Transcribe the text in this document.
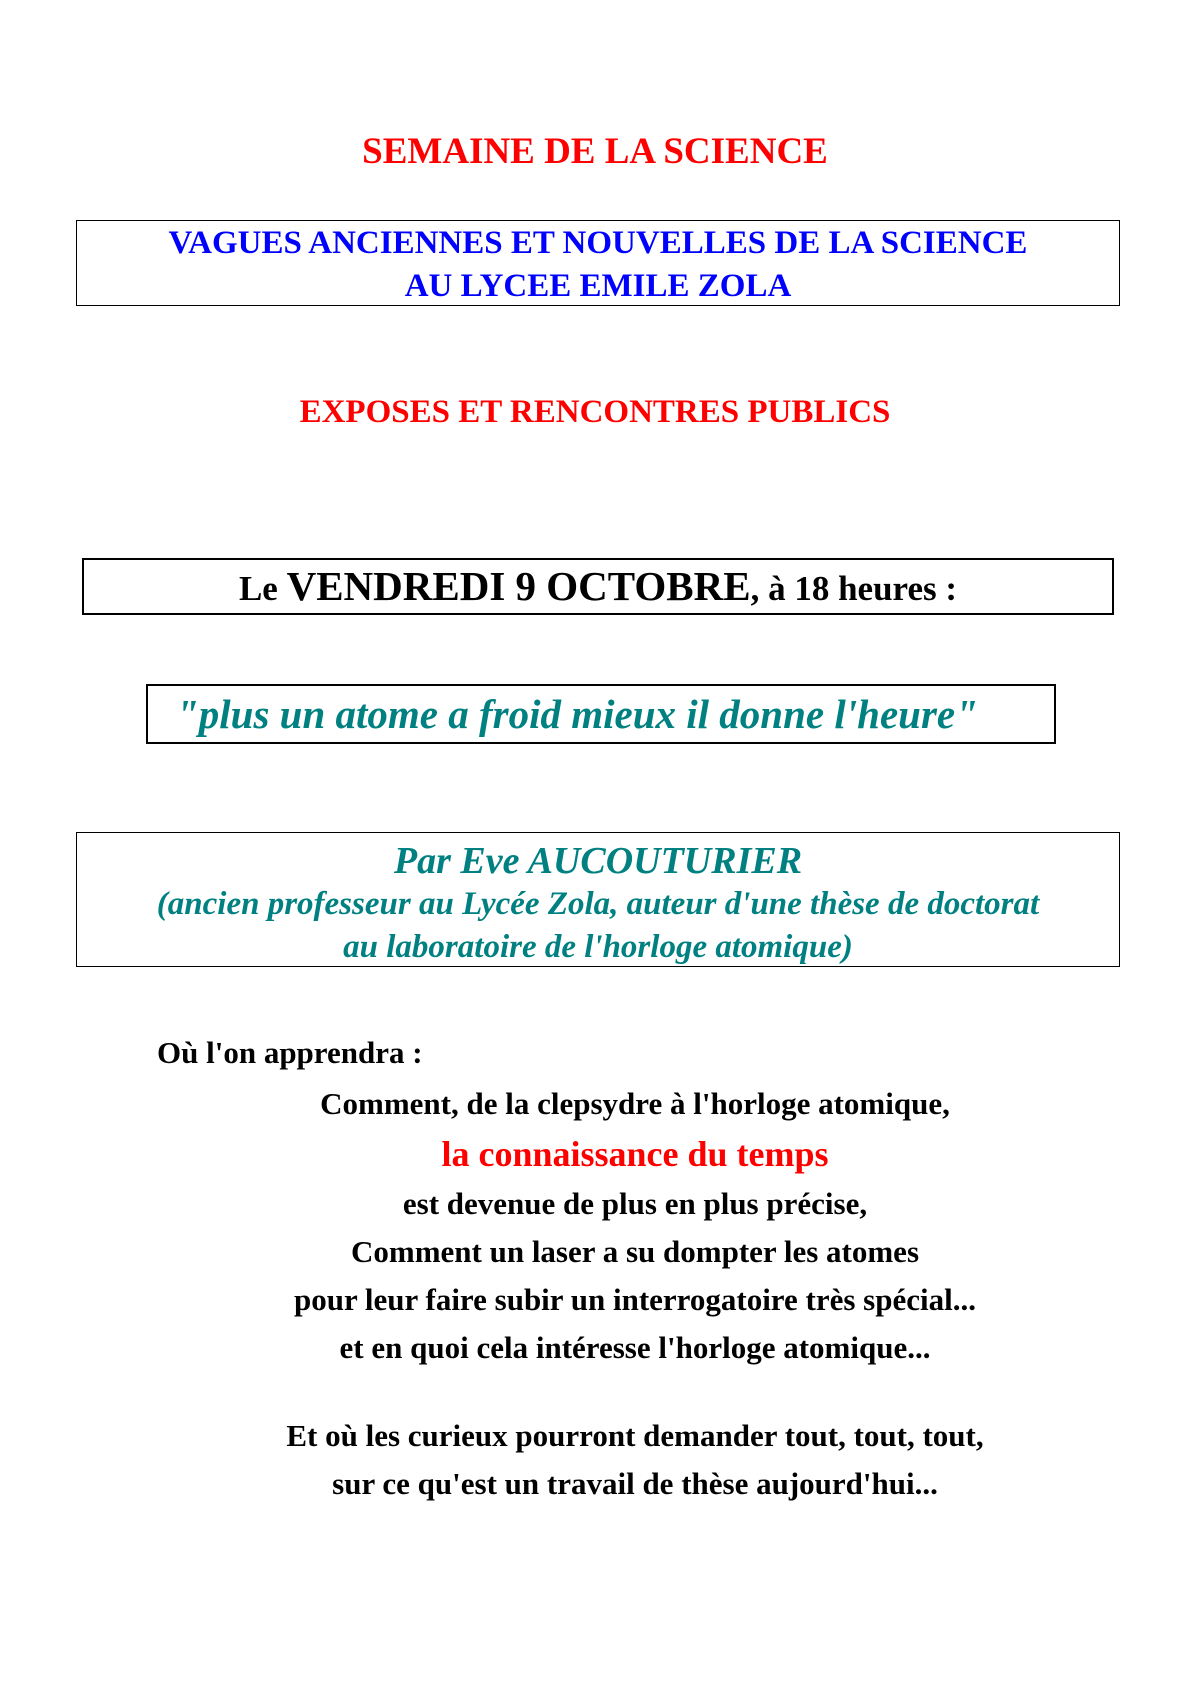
SEMAINE DE LA SCIENCE
VAGUES ANCIENNES ET NOUVELLES DE LA SCIENCE
AU LYCEE EMILE ZOLA
EXPOSES ET RENCONTRES PUBLICS
Le VENDREDI 9 OCTOBRE, à 18 heures :
"plus un atome a froid mieux il donne l'heure"
Par Eve AUCOUTURIER
(ancien professeur au Lycée Zola, auteur d'une thèse de doctorat
au laboratoire de l'horloge atomique)
Où l'on apprendra :
Comment, de la clepsydre à l'horloge atomique,
la connaissance du temps
est devenue de plus en plus précise,
Comment un laser a su dompter les atomes
pour leur faire subir un interrogatoire très spécial...
et en quoi cela intéresse l'horloge atomique...
Et où les curieux pourront demander tout, tout, tout,
sur ce qu'est un travail de thèse aujourd'hui...
